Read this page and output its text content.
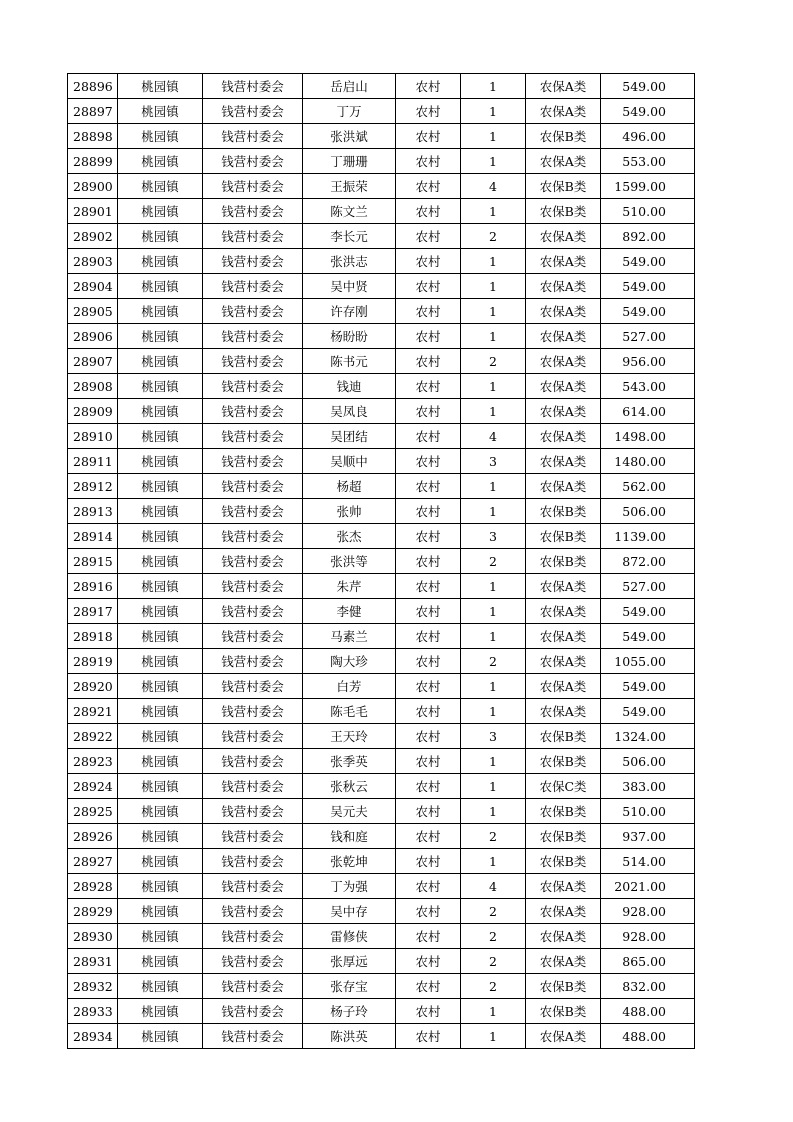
28896	桃园镇	钱营村委会	岳启山	农村	1	农保A类	549.00
28897	桃园镇	钱营村委会	丁万	农村	1	农保A类	549.00
28898	桃园镇	钱营村委会	张洪斌	农村	1	农保B类	496.00
28899	桃园镇	钱营村委会	丁珊珊	农村	1	农保A类	553.00
28900	桃园镇	钱营村委会	王振荣	农村	4	农保B类	1599.00
28901	桃园镇	钱营村委会	陈文兰	农村	1	农保B类	510.00
28902	桃园镇	钱营村委会	李长元	农村	2	农保A类	892.00
28903	桃园镇	钱营村委会	张洪志	农村	1	农保A类	549.00
28904	桃园镇	钱营村委会	吴中贤	农村	1	农保A类	549.00
28905	桃园镇	钱营村委会	许存刚	农村	1	农保A类	549.00
28906	桃园镇	钱营村委会	杨盼盼	农村	1	农保A类	527.00
28907	桃园镇	钱营村委会	陈书元	农村	2	农保A类	956.00
28908	桃园镇	钱营村委会	钱迪	农村	1	农保A类	543.00
28909	桃园镇	钱营村委会	吴凤良	农村	1	农保A类	614.00
28910	桃园镇	钱营村委会	吴团结	农村	4	农保A类	1498.00
28911	桃园镇	钱营村委会	吴顺中	农村	3	农保A类	1480.00
28912	桃园镇	钱营村委会	杨超	农村	1	农保A类	562.00
28913	桃园镇	钱营村委会	张帅	农村	1	农保B类	506.00
28914	桃园镇	钱营村委会	张杰	农村	3	农保B类	1139.00
28915	桃园镇	钱营村委会	张洪等	农村	2	农保B类	872.00
28916	桃园镇	钱营村委会	朱芹	农村	1	农保A类	527.00
28917	桃园镇	钱营村委会	李健	农村	1	农保A类	549.00
28918	桃园镇	钱营村委会	马素兰	农村	1	农保A类	549.00
28919	桃园镇	钱营村委会	陶大珍	农村	2	农保A类	1055.00
28920	桃园镇	钱营村委会	白芳	农村	1	农保A类	549.00
28921	桃园镇	钱营村委会	陈毛毛	农村	1	农保A类	549.00
28922	桃园镇	钱营村委会	王天玲	农村	3	农保B类	1324.00
28923	桃园镇	钱营村委会	张季英	农村	1	农保B类	506.00
28924	桃园镇	钱营村委会	张秋云	农村	1	农保C类	383.00
28925	桃园镇	钱营村委会	吴元夫	农村	1	农保B类	510.00
28926	桃园镇	钱营村委会	钱和庭	农村	2	农保B类	937.00
28927	桃园镇	钱营村委会	张乾坤	农村	1	农保B类	514.00
28928	桃园镇	钱营村委会	丁为强	农村	4	农保A类	2021.00
28929	桃园镇	钱营村委会	吴中存	农村	2	农保A类	928.00
28930	桃园镇	钱营村委会	雷修侠	农村	2	农保A类	928.00
28931	桃园镇	钱营村委会	张厚远	农村	2	农保A类	865.00
28932	桃园镇	钱营村委会	张存宝	农村	2	农保B类	832.00
28933	桃园镇	钱营村委会	杨子玲	农村	1	农保B类	488.00
28934	桃园镇	钱营村委会	陈洪英	农村	1	农保A类	488.00
